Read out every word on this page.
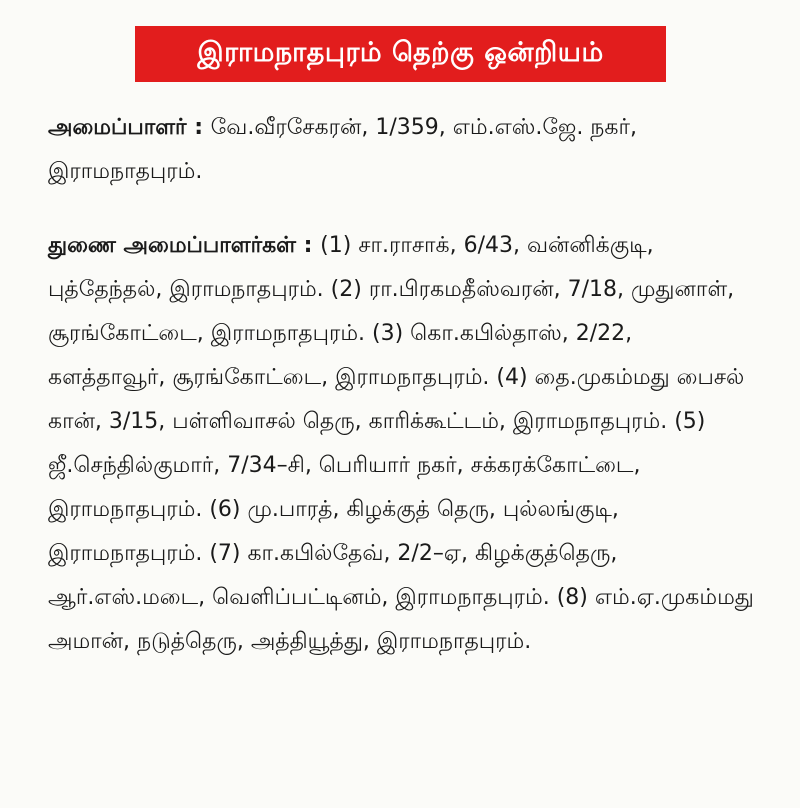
இராமநாதபுரம் தெற்கு ஒன்றியம்

அமைப்பாளர் : வே.வீரசேகரன், 1/359, எம்.எஸ்.ஜே. நகர், இராமநாதபுரம்.

துணை அமைப்பாளர்கள் : (1) சா.ராசாக், 6/43, வன்னிக்குடி, புத்தேந்தல், இராமநாதபுரம். (2) ரா.பிரகமதீஸ்வரன், 7/18, முதுனாள், சூரங்கோட்டை, இராமநாதபுரம். (3) கொ.கபில்தாஸ், 2/22, களத்தாவூர், சூரங்கோட்டை, இராமநாதபுரம். (4) தை.முகம்மது பைசல் கான், 3/15, பள்ளிவாசல் தெரு, காரிக்கூட்டம், இராமநாதபுரம். (5) ஜீ.செந்தில்குமார், 7/34–சி, பெரியார் நகர், சக்கரக்கோட்டை, இராமநாதபுரம். (6) மு.பாரத், கிழக்குத் தெரு, புல்லங்குடி, இராமநாதபுரம். (7) கா.கபில்தேவ், 2/2–ஏ, கிழக்குத்தெரு, ஆர்.எஸ்.மடை, வெளிப்பட்டினம், இராமநாதபுரம். (8) எம்.ஏ.முகம்மது அமான், நடுத்தெரு, அத்தியூத்து, இராமநாதபுரம்.
